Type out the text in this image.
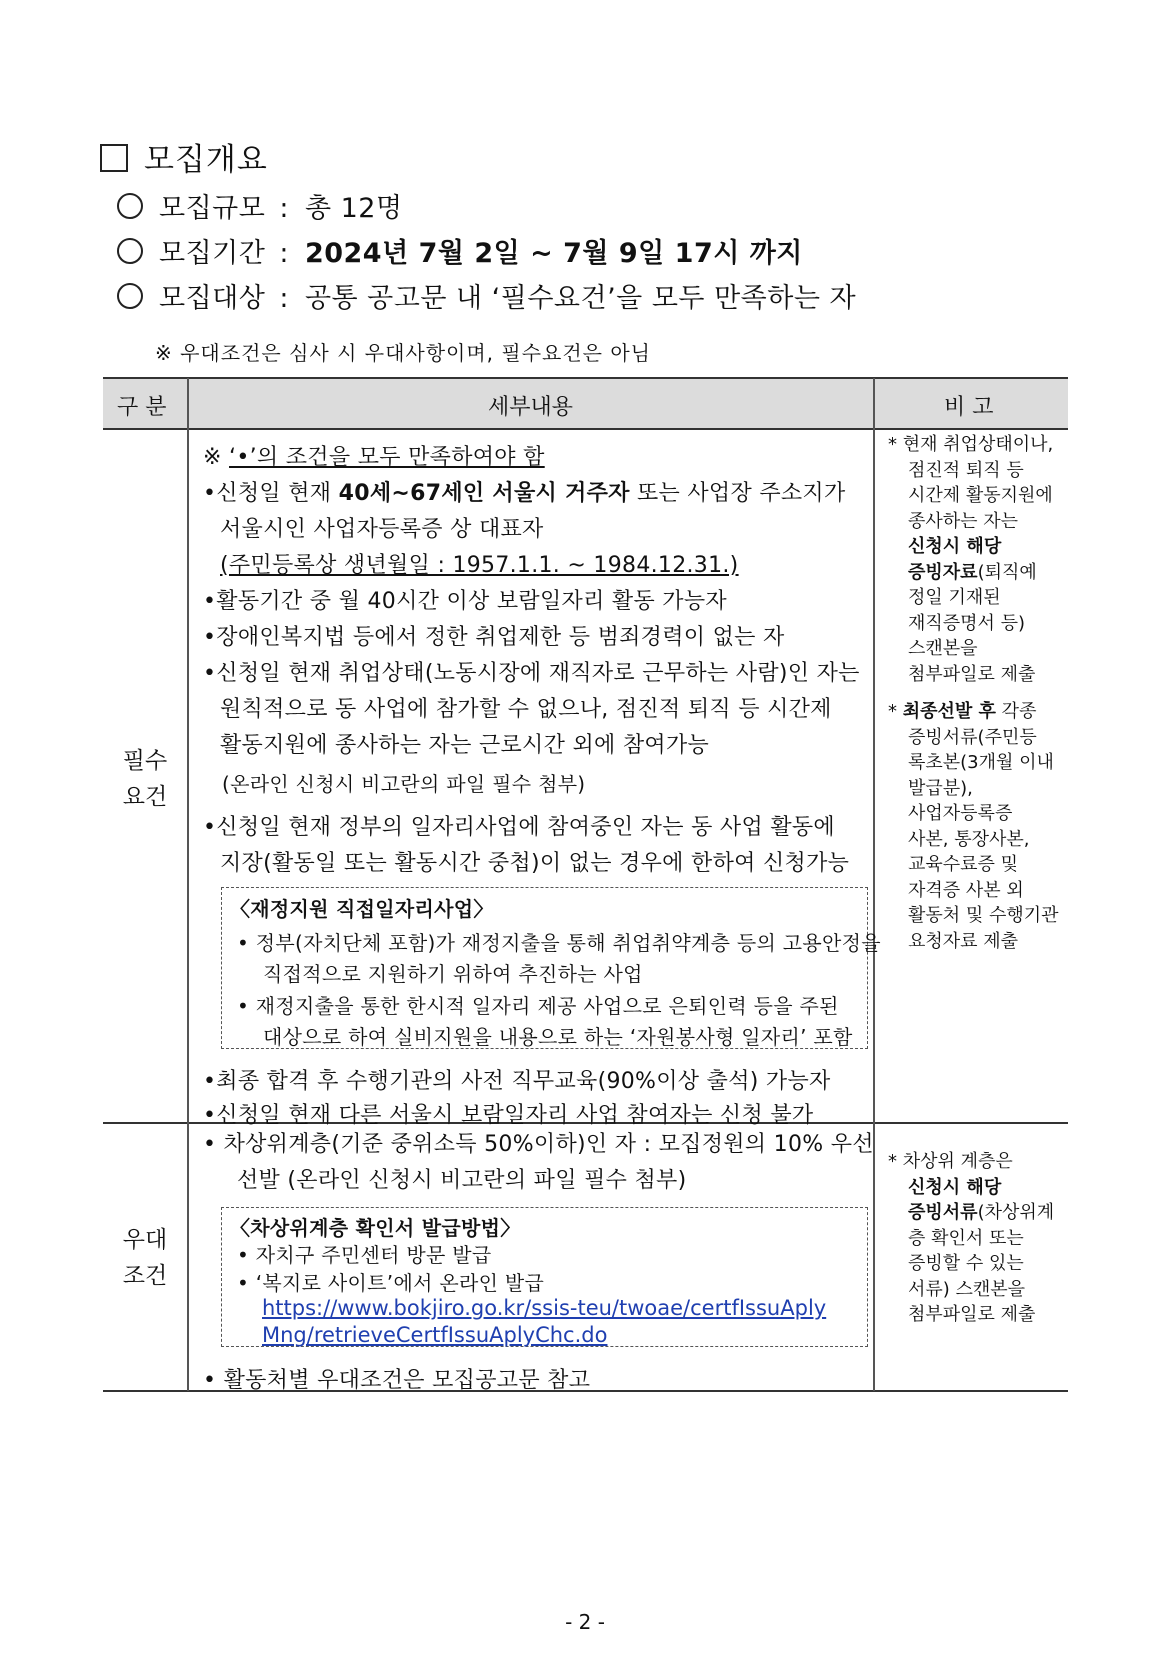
모집개요
모집규모 : 총 12명
모집기간 : 2024년 7월 2일 ~ 7월 9일 17시 까지
모집대상 : 공통 공고문 내 ‘필수요건’을 모두 만족하는 자
※ 우대조건은 심사 시 우대사항이며, 필수요건은 아님
구 분	세부내용	비 고
필수
요건
※ ‘•’의 조건을 모두 만족하여야 함
•신청일 현재 40세~67세인 서울시 거주자 또는 사업장 주소지가
서울시인 사업자등록증 상 대표자
(주민등록상 생년월일 : 1957.1.1. ~ 1984.12.31.)
•활동기간 중 월 40시간 이상 보람일자리 활동 가능자
•장애인복지법 등에서 정한 취업제한 등 범죄경력이 없는 자
•신청일 현재 취업상태(노동시장에 재직자로 근무하는 사람)인 자는
원칙적으로 동 사업에 참가할 수 없으나, 점진적 퇴직 등 시간제
활동지원에 종사하는 자는 근로시간 외에 참여가능
(온라인 신청시 비고란의 파일 필수 첨부)
•신청일 현재 정부의 일자리사업에 참여중인 자는 동 사업 활동에
지장(활동일 또는 활동시간 중첩)이 없는 경우에 한하여 신청가능
〈재정지원 직접일자리사업〉
• 정부(자치단체 포함)가 재정지출을 통해 취업취약계층 등의 고용안정을
직접적으로 지원하기 위하여 추진하는 사업
• 재정지출을 통한 한시적 일자리 제공 사업으로 은퇴인력 등을 주된
대상으로 하여 실비지원을 내용으로 하는 ‘자원봉사형 일자리’ 포함
•최종 합격 후 수행기관의 사전 직무교육(90%이상 출석) 가능자
•신청일 현재 다른 서울시 보람일자리 사업 참여자는 신청 불가
* 현재 취업상태이나,
점진적 퇴직 등
시간제 활동지원에
종사하는 자는
신청시 해당
증빙자료(퇴직예
정일 기재된
재직증명서 등)
스캔본을
첨부파일로 제출
* 최종선발 후 각종
증빙서류(주민등
록초본(3개월 이내
발급분),
사업자등록증
사본, 통장사본,
교육수료증 및
자격증 사본 외
활동처 및 수행기관
요청자료 제출
우대
조건
• 차상위계층(기준 중위소득 50%이하)인 자 : 모집정원의 10% 우선
선발 (온라인 신청시 비고란의 파일 필수 첨부)
〈차상위계층 확인서 발급방법〉
• 자치구 주민센터 방문 발급
• ‘복지로 사이트’에서 온라인 발급
https://www.bokjiro.go.kr/ssis-teu/twoae/certfIssuAply
Mng/retrieveCertfIssuAplyChc.do
• 활동처별 우대조건은 모집공고문 참고
* 차상위 계층은
신청시 해당
증빙서류(차상위계
층 확인서 또는
증빙할 수 있는
서류) 스캔본을
첨부파일로 제출
- 2 -
